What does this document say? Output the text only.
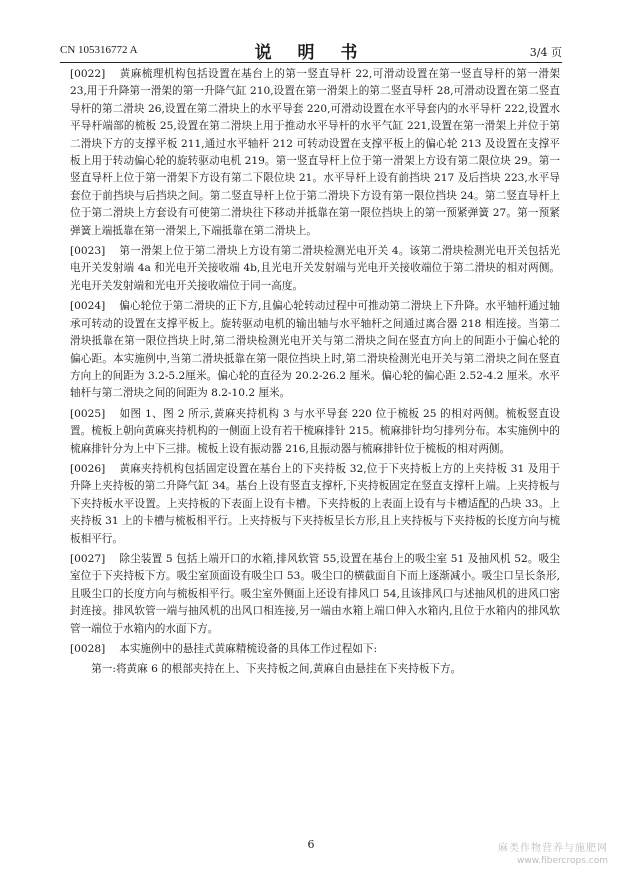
CN 105316772 A	说 明 书	3/4 页

[0022] 黄麻梳理机构包括设置在基台上的第一竖直导杆 22,可滑动设置在第一竖直导杆的第一滑架 23,用于升降第一滑架的第一升降气缸 210,设置在第一滑架上的第二竖直导杆 28,可滑动设置在第二竖直导杆的第二滑块 26,设置在第二滑块上的水平导套 220,可滑动设置在水平导套内的水平导杆 222,设置水平导杆端部的梳板 25,设置在第二滑块上用于推动水平导杆的水平气缸 221,设置在第一滑架上并位于第二滑块下方的支撑平板 211,通过水平轴杆 212 可转动设置在支撑平板上的偏心轮 213 及设置在支撑平板上用于转动偏心轮的旋转驱动电机 219。第一竖直导杆上位于第一滑架上方设有第二限位块 29。第一竖直导杆上位于第一滑架下方设有第二下限位块 21。水平导杆上设有前挡块 217 及后挡块 223,水平导套位于前挡块与后挡块之间。第二竖直导杆上位于第二滑块下方设有第一限位挡块 24。第二竖直导杆上位于第二滑块上方套设有可使第二滑块往下移动并抵靠在第一限位挡块上的第一预紧弹簧 27。第一预紧弹簧上端抵靠在第一滑架上,下端抵靠在第二滑块上。

[0023] 第一滑架上位于第二滑块上方设有第二滑块检测光电开关 4。该第二滑块检测光电开关包括光电开关发射端 4a 和光电开关接收端 4b,且光电开关发射端与光电开关接收端位于第二滑块的相对两侧。光电开关发射端和光电开关接收端位于同一高度。

[0024] 偏心轮位于第二滑块的正下方,且偏心轮转动过程中可推动第二滑块上下升降。水平轴杆通过轴承可转动的设置在支撑平板上。旋转驱动电机的输出轴与水平轴杆之间通过离合器 218 相连接。当第二滑块抵靠在第一限位挡块上时,第二滑块检测光电开关与第二滑块之间在竖直方向上的间距小于偏心轮的偏心距。本实施例中,当第二滑块抵靠在第一限位挡块上时,第二滑块检测光电开关与第二滑块之间在竖直方向上的间距为 3.2-5.2厘米。偏心轮的直径为 20.2-26.2 厘米。偏心轮的偏心距 2.52-4.2 厘米。水平轴杆与第二滑块之间的间距为 8.2-10.2 厘米。

[0025] 如图 1、图 2 所示,黄麻夹持机构 3 与水平导套 220 位于梳板 25 的相对两侧。梳板竖直设置。梳板上朝向黄麻夹持机构的一侧面上设有若干梳麻排针 215。梳麻排针均匀排列分布。本实施例中的梳麻排针分为上中下三排。梳板上设有振动器 216,且振动器与梳麻排针位于梳板的相对两侧。

[0026] 黄麻夹持机构包括固定设置在基台上的下夹持板 32,位于下夹持板上方的上夹持板 31 及用于升降上夹持板的第二升降气缸 34。基台上设有竖直支撑杆,下夹持板固定在竖直支撑杆上端。上夹持板与下夹持板水平设置。上夹持板的下表面上设有卡槽。下夹持板的上表面上设有与卡槽适配的凸块 33。上夹持板 31 上的卡槽与梳板相平行。上夹持板与下夹持板呈长方形,且上夹持板与下夹持板的长度方向与梳板相平行。

[0027] 除尘装置 5 包括上端开口的水箱,排风软管 55,设置在基台上的吸尘室 51 及抽风机 52。吸尘室位于下夹持板下方。吸尘室顶面设有吸尘口 53。吸尘口的横截面自下而上逐渐减小。吸尘口呈长条形,且吸尘口的长度方向与梳板相平行。吸尘室外侧面上还设有排风口 54,且该排风口与述抽风机的进风口密封连接。排风软管一端与抽风机的出风口相连接,另一端由水箱上端口伸入水箱内,且位于水箱内的排风软管一端位于水箱内的水面下方。

[0028] 本实施例中的悬挂式黄麻精梳设备的具体工作过程如下:

第一:将黄麻 6 的根部夹持在上、下夹持板之间,黄麻自由悬挂在下夹持板下方。

6	麻类作物营养与施肥网
www.fibercrops.com
